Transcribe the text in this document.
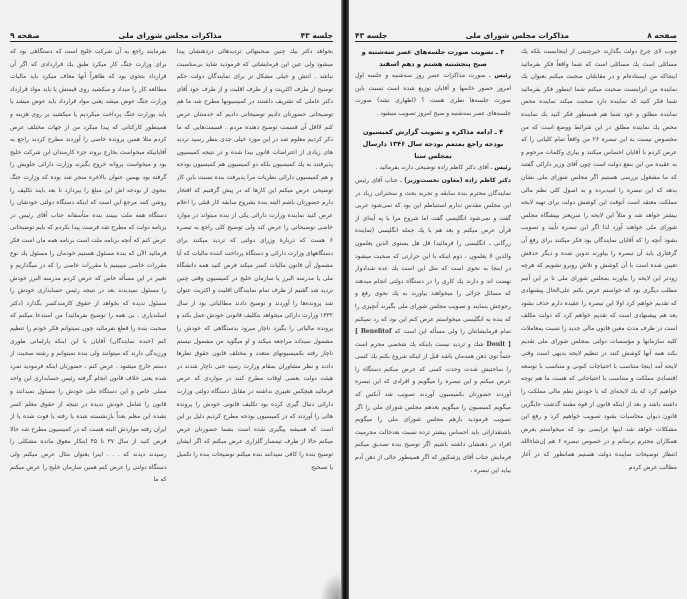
جلسه ۴۳
مذاکرات مجلس شورای ملی
صفحه ۹

بخواهد دکتر بیك چنین صحبتهائی تردیدهائی درذهنشان پیدا میشود ولی عین این فرمایشاتی که فرمودید شاید بی‌مناسبت نباشد . انتش و خیلی مشکل تر برای نمایندگان دولت حکم توضیح از طرف اکثریت و از طرف اقلیت و از طرف خود آقای دکتر عاملی که تشریف داشتند در کمیسیونها مطرح شد ما هم توضیحاتی حضورتان دادیم توضیحاتی دادیم که خدمتتان عرض کنم لااقل آن قسمت توضیح دهنده مردم . قسمت‌هایی که ما ذکر کردیم معلوم شد در این مورد خیلی جدی بنظر رسید تردید های زیادی از اعتراضات قانون بیدا شده و در نتیجه کمیسیون پذیرفتند به یك کمیسیون بلکه دو کمیسیون هم کمیسیون بودجه و هم کمیسیون دارائی نظریات مرا پذیرفت بنده نسبت باین کار توضیحی عرض میکنم این کارها که در پیش گرفتیم که افتخار دارم حضورتان باشم البته بنده بشروع سابقه کار قبلی را اعلام عرض کنید نماینده وزارت دارائی یکی از بنده میتواند در موارد خاصی توضیحاتی را عرض کند ولی توضیح کلی راجع به تبصره ۶ هست که دربارهٔ وزرای دولتی که تردید میکنند برای دستگاههای وزارت دارائی و دستگاه پرداخت کننده مالیات که آیا مشمول آن قانون مالیات کسر میکند فرض کنید همه دانشگاه ملی یا مدرسه البرز یا سازمان خلیج در کمیسیون وقتی چنین تردید شد گفتیم از طرف تمام نمایندگان اقلیت و اکثریت عنوان شد پرونده‌ها را آوردند و توضیح دادند مطالباتی بود از سال ۱۳۳۲ وزارت دارائی میخواهد بتکلیف قانونی خودش عمل بکند و پرونده مالیاتی را بگیرد ناچار میرود بدستگاهی که خودش را مشمول نمیداند مراجعه میکند و او میگوید من مشمول نیستم ناچار رفته بکمیسیونهای متعدد و مختلف قانون حقوق نظرها دادند و نظر مشاوران بمقام وزارت رسید حتی ناچار شدند در هیئت دولت بعضی اوقات مطرح کنند در مواردی که عرض فرمائید هیچکس تغییری نداشته در مقابل دستگاه دولتی وزارت دارائی دنبال گیری کرده بود تکلیف قانونی خودش را پرونده هائی را آوردند که در کمیسیون بودجه مطرح کردیم دلیل بر این است که همیشه پیگیری شده است بشما حضورتان عرض میکنم حالا از طرف تیمسار گلزاری عرض میکنم که اگر ایشان توضیح بنده را کافی نمیدانند بنده میکنم توضیحات بنده را تکمیل یا تصحیح

بفرمایند راجع به آن شرکت خلیج است که دستگاهی بود که برای وزارت جنگ کار میکرد طبق یك قراردادی که اگر آن قرارداد بنحوی بود که ظاهراً آنها معاف میکرد باید مالیات مطالعه کار را میداد و میکشید روی قیمتش یا باید مواد قرارداد وزارت جنگ عوض میشد یعنی مواد قرارداد باید عوض میشد یا باید بوزارت جنگ پرداخت میکردیم یا میکشید بر روی هزینه و همینطور کارکنانی که پیدا میکرد من از جهات مختلف عرض کردم مثلا همین پرونده خاصی را آوردند مطرح کردند راجع به آقایانیکه میخواست بخارج بروند جزء کارمندان این شرکت خلیج بود و میخواست پروانه خروج بگیرند وزارت دارائی جلویش را گرفته بود بهمین عنوان بالاخره منجر شد بوده که وزارت جنگ بنحوی از بودجه اش این مبلغ را بپردازد نا بعد بایند تکلیف را روشن کنند مرجع این است که اینکه دستگاه دولتی خودشان را دستگاه همه ملت ببینند بنده متأسفانه جناب آقای رئیس در برنامه دولت که مطرح شد فرصت پیدا نکردم که بایم توضیحاتی عرض کنم که آنچه برنامه ملت است برنامه همه مان است فکر فرمائید الآن که بنده مسئول هستیم خودمان را مسئول یك نوع مقررات خاصی میبینیم یا مقررات خاصی را که در میگذاریم و تغییر در این مسأله خاص که عرض کردم مدرسه البرز خودش را مسئول نمیدیدند بعد در نتیجه رئیس حسابداری خودش را مسئول ندیده که بخواهد از حقوق کارمندکسر بگذارد (دکتر اسلندیاری . بی همه را توضیح بفرمائید) من استدعا میکنم که صحبت بنده را قطع نفرمائید چون نمیتوانم فکر خودم را تنظیم کنم (خنده نمایندگان) آقایان با این اینکه پارلمانی طوری ورزیدگی دارند که میتوانند ولی بنده نمیتوانم و رشته صحبت از دستم خارج میشود . عرض کنم ، حضورتان اینکه فرمودید تمرد شده یعنی خلاف قانون انجام گرفته رئیس حسابداری این واحد مملی خاص و این دستگاه ملی خودش را مسئول نمیدانند و قانون را شامل خودش ندیده در نتیجه از حقوق معلم کسر نشده این معلم بعداً بازنشسته شده یا رفته یا فوت شده یا از ایران رفته مواردش البته هست که در کمیسیون مطرح شد حالا فرض کنید از سال ۳۷ تا ۴۵ اینکار معوق مانده مشکلی را رسیدند دیدند که . . . اینرا بعنوان مثال عرض میکنم ولی دستگاه دولتی را عرض کنم همین سازمان خلیج را عرض میکنم که ما

صفحه ۸
مذاکرات مجلس شورای ملی
جلسه ۴۳

چوب لای چرخ دولت بگذارند خیرچنینی از اینجابست بلکه یك مسائلی است یك مسائلی است که شما واقعاً فکر بفرمائید اینجاکه من ایستاده‌ام و در مقابلتان صحبت میکنم بعنوان یك نماینده من ابراینست صحبت میکنم شما اینطور فکر بفرمائید شما فکر کنید که نماینده دارد صحبت میکند نماینده محض نماینده مطلق و خود شما هم همینطور فکر کنید یك نماینده محض یك نماینده مطلق در این شرائط ووضع است که من مخصوص نیست به این تبصره ۲۶ من واقعاً تمام کلیاتی را که عرض کردم با آقایان احساس میکنند و بیاری وکلمات مرحوم و به عقیده من این بنفع دولت است چون آقای وزیر دارائی گفتند که ما مشغول بررسی هستیم اگر مجلس شورای ملی نشان بدهد که این تبصره را امیدبرده و به اصول کلی نظم مالی مملکت معتقد است آنوقت این کوشش دولت برای تهیه لایحه بیشتر خواهد شد و مثلاً این لایحه را سریعتر بپیشگاه مجلس شورای ملی خواهند آورد لذا اگر این تبصره تأیید و تصویب بشود آنچه را که آقایان نمایندگان بود فکر میکنند برای رفع آن گرفتاری باید آن تبصره را بیاورند تدوین شده و دیگر حذفش تعیین شده است با آن کوشش و تلاش روبرو نشویم که هرچه زودتر این لایحه را بیاورند بمجلس شورای ملی تا بر این آتیم مطلب دیگری بود که خواستم عرض بکنم علی‌الحال پیشنهادی که تقدیم خواهم کرد اولا این تبصره را عقیده دارم حذف بشود بعد هم پیشنهادی است که تقدیم خواهم کرد که دولت مکلف است در ظرف مدت معین قانون مالی جدید را نسبت بمعاملات کلیه سازمانها و مؤسسات دولتی بمجلس شورای ملی تقدیم بکند همه آنها کوشش کنند در تنظیم لایحه بدیهی است وقتی لایحه آمد اینجا متناسب با احتیاجات کنونی و متناسب با توسعه اقتصادی مملکت و متناسب با احتیاجاتی که هست ما هم توجه خواهیم کرد که یك لایحه‌ای که با خودش نظم مالی مملکت را داشته باشد و بعد از اینکه قانون از قوه مقننه گذشت جایگزین قانون دیوان محاسبات بشود تصویب خواهیم کرد و رفع این مشکلات خواهد شد اینها عرایضی بود که میخواستم بعرض همکاران محترم برسانم و در خصوص تبصره ۶ هم إن‌شاءالله انتظار توضیحات نماینده دولت هستیم همانطور که در آغاز مطالب عرض کردم

۳ ـ تصویب صورت جلسه‌های عصر سه‌شنبه و صبح پنجشنبه هشتم و دهم اسفند

رئیس ـ صورت مذاکرات عصر روز سه‌شنبه و جلسه اول امروز حضور خانمها و آقایان توزیع شده است نسبت باین صورت جلسه‌ها نظری هست ؟ (اظهاری نشد) صورت جلسه‌های عصر سه‌شنبه و صبح امروز تصویب میشود .

۴ ـ ادامه مذاکره و تصویب گزارش کمیسیون بودجه راجع بمتمم بودجه سال ۱۳۴۶ دارسال بمجلس سنا

رئیس ـ آقای دکتر کاظم زاده توضیحی دارند بفرمائید .

دکتر کاظم زاده (معاون نخست‌وزیر) ـ جناب آقای رئیس نمایندگان محترم بنده سابقه و تجربه بحث و سخنرانی زیاد در این مجلس مقدس ندارم استنباطم این بود که نمی‌شود عربی گفت و نمی‌شود انگلیسی گفت اما شروع مرا با یه آیه‌ای از قرآن عرض میکنم و بعد هم با یك جمله انگلیسی (تماینده زرگانی ـ انگلیسی را فرمائید) قل هل یستوی الذین یعلمون والذین لا یعلمون ، دوم اینکه با این حرارتی که صحبت میشود در اینجا به نحوی است که مثل این است یك عده شدادوار نهضت اند و دارند یك کاری را در دستگاه دولتی انجام میدهند که مسائل جزائی را میخواهند بیاورند به یك نحوی رفع و رجوعش بنمایند و تصویب مجلس شورای ملی بگیرند آنچیزی را که بنده به انگلیسی میخواستم عرض کنم این بود که رد نمیکنم تمام فرمایشاتتان را ولی مسأله این است که [ Benefitof Doult ] شك و تردید نیست باینکه یك شخصی مجرم است حتماً توی ذهن همه‌مان باشد قبل از اینکه شروع بکنم یك کسی را ساحتیش شدت وحدت کسی که عرض میکنم دستگاه را عرض میکنم و این تبصره را میگویم و افرادی که این تبصره آوردند حضورتان بکمیسیون آوردند تصویب شد آنکس که میگویم کمیسیون را میگویم بعدهم مجلس شورای ملی را اگر تصویب فرمودید بازهم مجلس شورای ملی را میگویم باشتقدارانی باید احساس بیشتر ترده نسبت بعدخالت مجرمیت افراد در ذهنشان داشته باشیم اگر توضیح بنده تصدیق میکنم فرمایش جناب آقای پزشکپور که اگر همینطور خالی از ذهن آدم بیاید این تبصره ،
